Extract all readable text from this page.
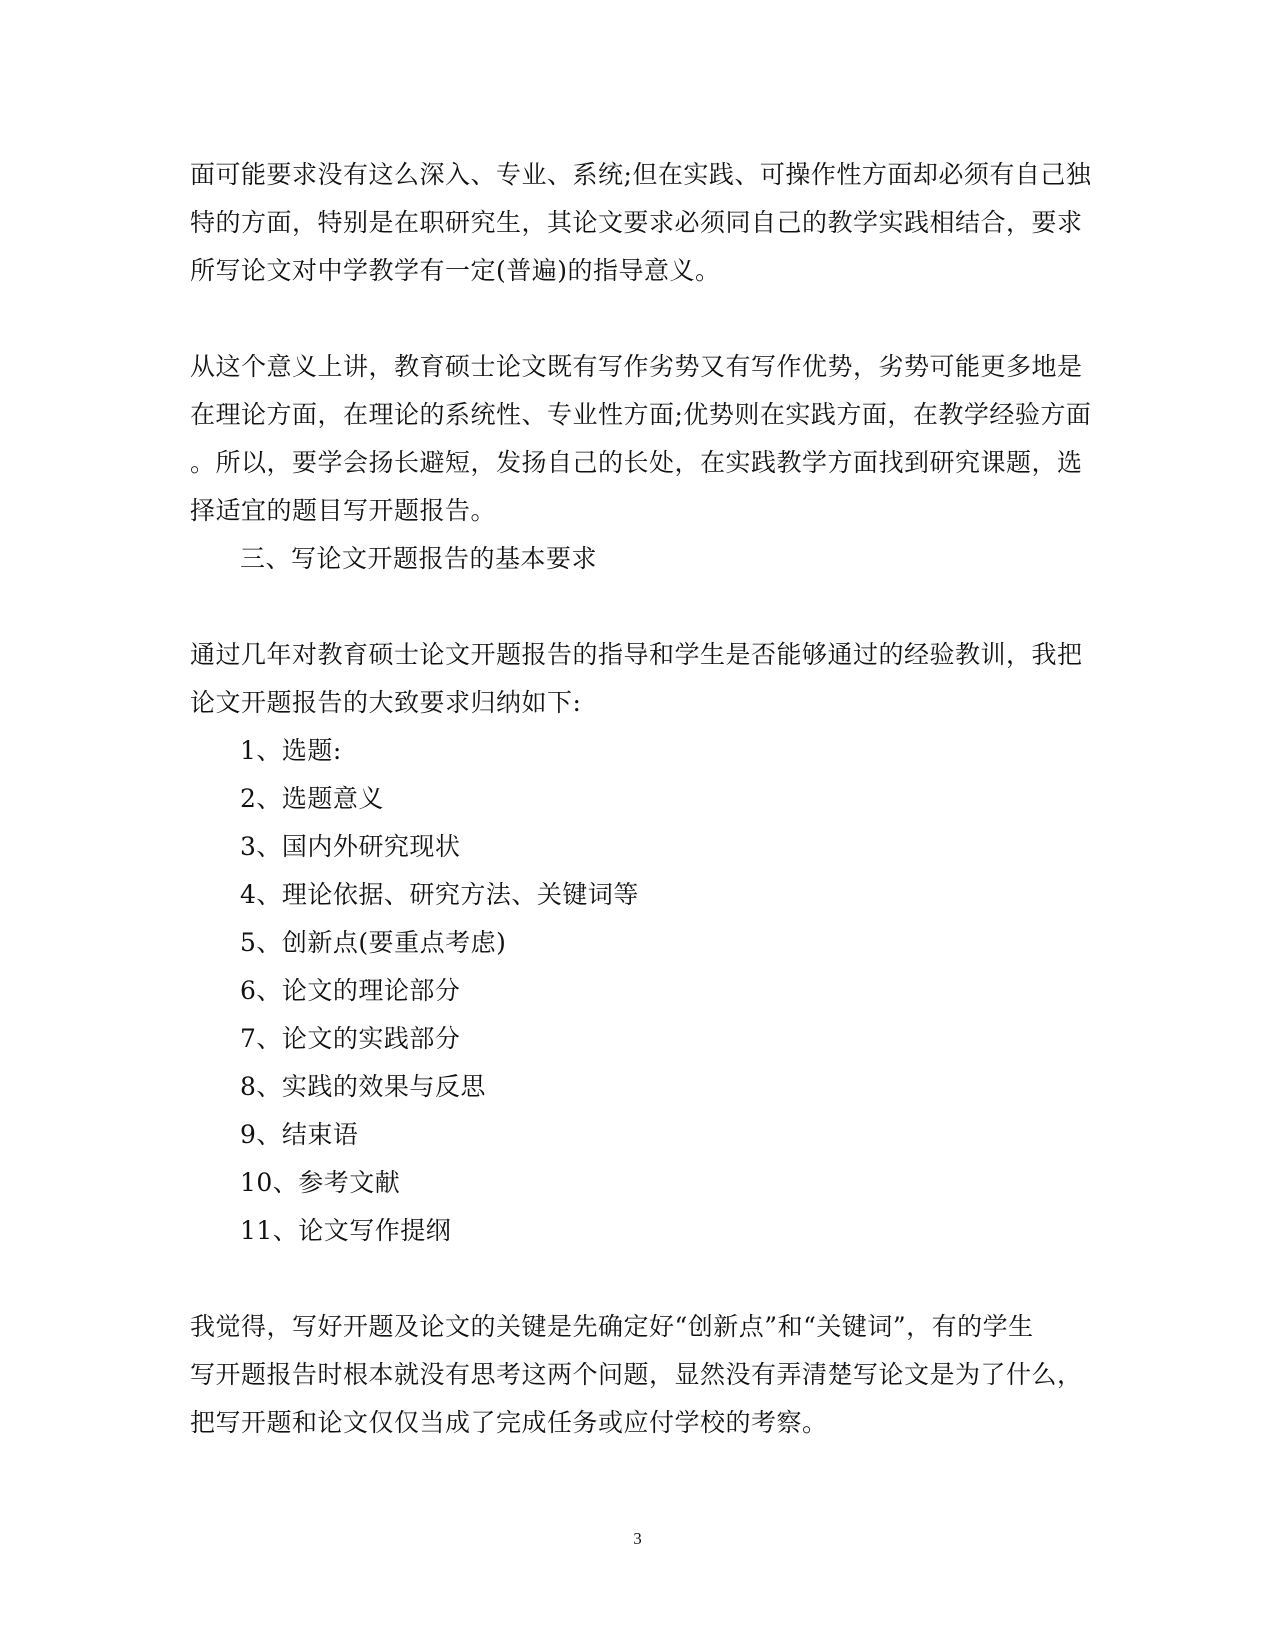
面可能要求没有这么深入、专业、系统;但在实践、可操作性方面却必须有自己独
特的方面，特别是在职研究生，其论文要求必须同自己的教学实践相结合，要求
所写论文对中学教学有一定(普遍)的指导意义。
从这个意义上讲，教育硕士论文既有写作劣势又有写作优势，劣势可能更多地是
在理论方面，在理论的系统性、专业性方面;优势则在实践方面，在教学经验方面
。所以，要学会扬长避短，发扬自己的长处，在实践教学方面找到研究课题，选
择适宜的题目写开题报告。
三、写论文开题报告的基本要求
通过几年对教育硕士论文开题报告的指导和学生是否能够通过的经验教训，我把
论文开题报告的大致要求归纳如下:
1、选题:
2、选题意义
3、国内外研究现状
4、理论依据、研究方法、关键词等
5、创新点(要重点考虑)
6、论文的理论部分
7、论文的实践部分
8、实践的效果与反思
9、结束语
10、参考文献
11、论文写作提纲
我觉得，写好开题及论文的关键是先确定好“创新点”和“关键词”，有的学生
写开题报告时根本就没有思考这两个问题，显然没有弄清楚写论文是为了什么，
把写开题和论文仅仅当成了完成任务或应付学校的考察。
3
